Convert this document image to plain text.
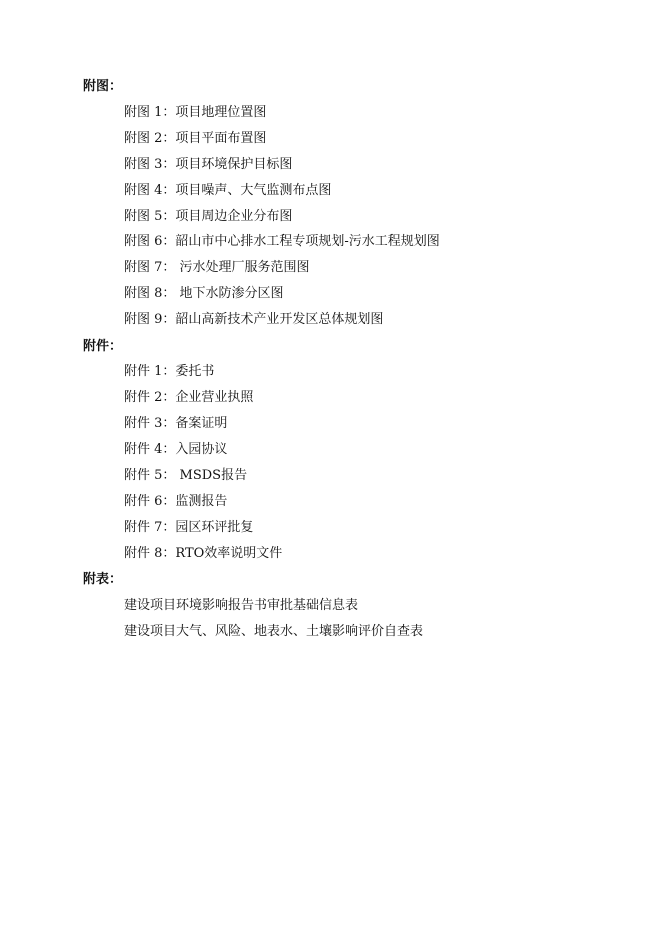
附图：
附图 1：项目地理位置图
附图 2：项目平面布置图
附图 3：项目环境保护目标图
附图 4：项目噪声、大气监测布点图
附图 5：项目周边企业分布图
附图 6：韶山市中心排水工程专项规划-污水工程规划图
附图 7： 污水处理厂服务范围图
附图 8： 地下水防渗分区图
附图 9：韶山高新技术产业开发区总体规划图
附件：
附件 1：委托书
附件 2：企业营业执照
附件 3：备案证明
附件 4：入园协议
附件 5： MSDS报告
附件 6：监测报告
附件 7：园区环评批复
附件 8：RTO效率说明文件
附表：
建设项目环境影响报告书审批基础信息表
建设项目大气、风险、地表水、土壤影响评价自查表
